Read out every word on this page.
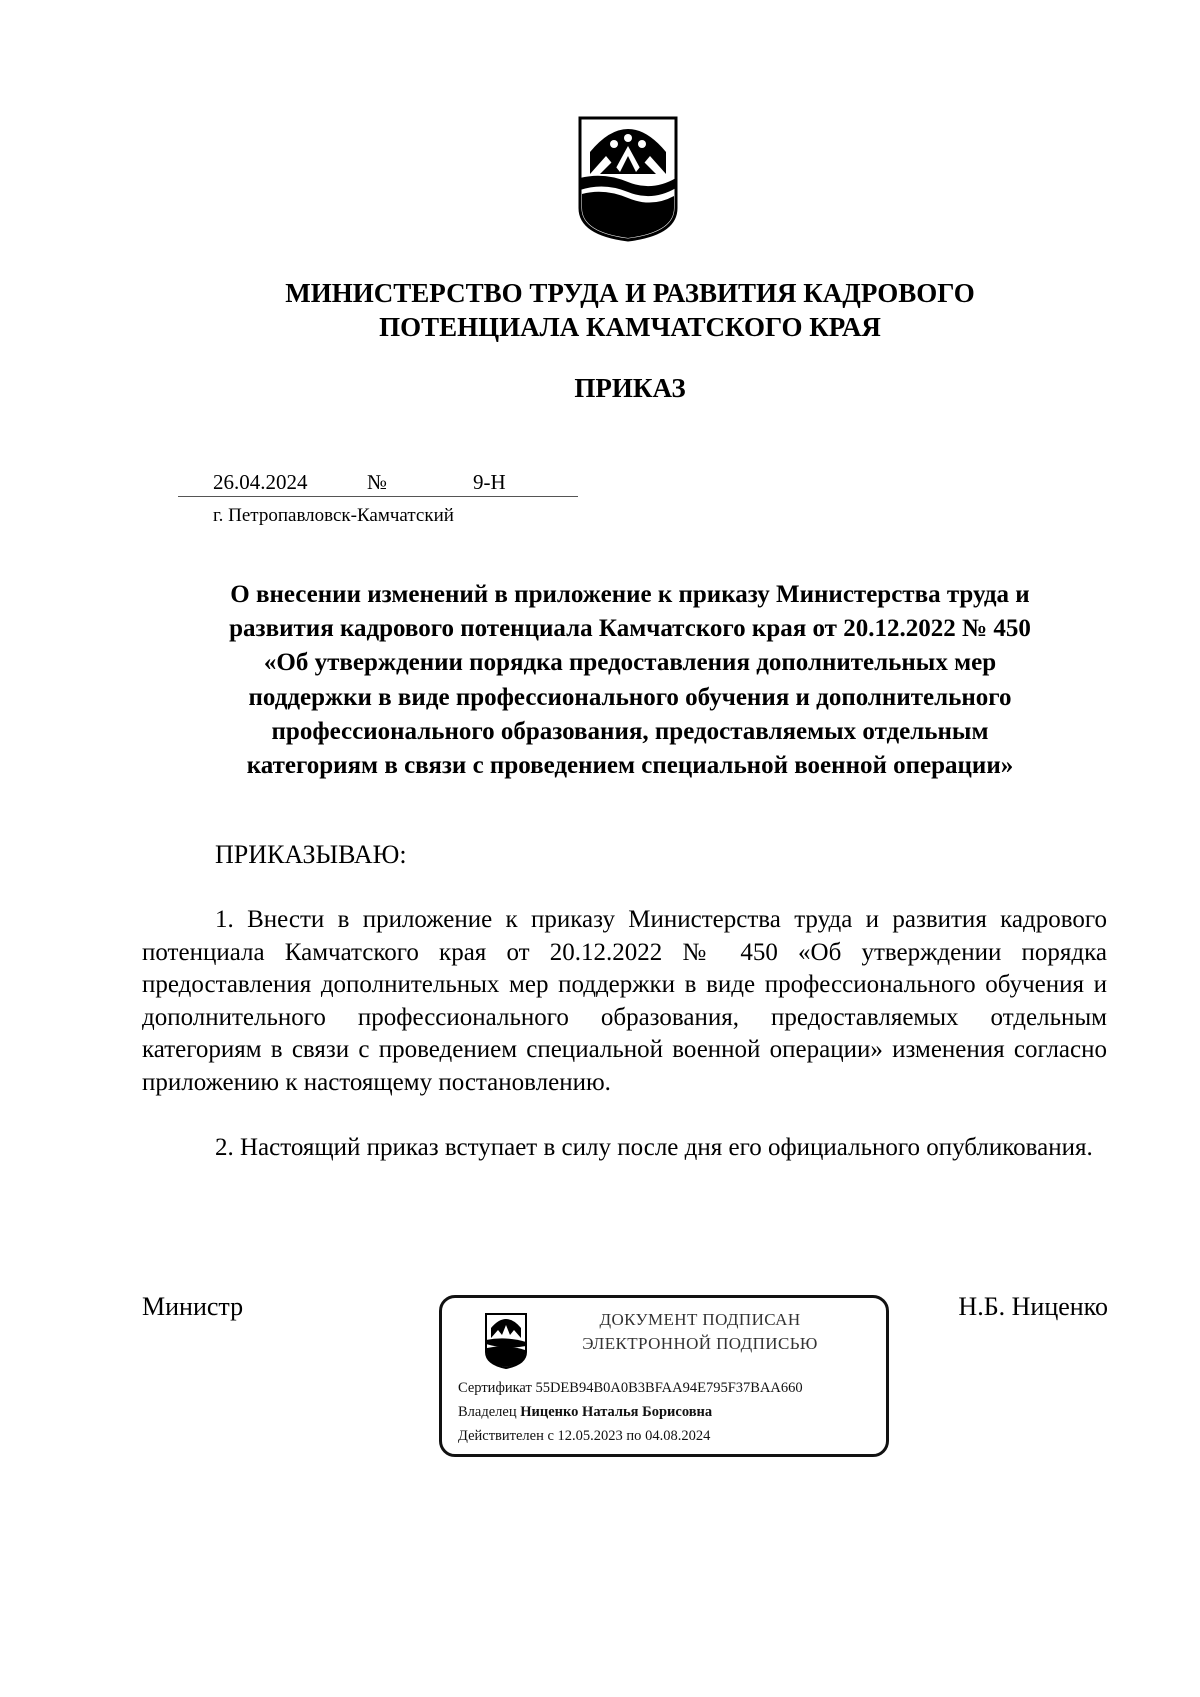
МИНИСТЕРСТВО ТРУДА И РАЗВИТИЯ КАДРОВОГО
ПОТЕНЦИАЛА КАМЧАТСКОГО КРАЯ
ПРИКАЗ
26.04.2024	№	9-Н
г. Петропавловск-Камчатский
О внесении изменений в приложение к приказу Министерства труда и
развития кадрового потенциала Камчатского края от 20.12.2022 № 450
«Об утверждении порядка предоставления дополнительных мер
поддержки в виде профессионального обучения и дополнительного
профессионального образования, предоставляемых отдельным
категориям в связи с проведением специальной военной операции»
ПРИКАЗЫВАЮ:

1. Внести в приложение к приказу Министерства труда и развития кадрового потенциала Камчатского края от 20.12.2022 № 450 «Об утверждении порядка предоставления дополнительных мер поддержки в виде профессионального обучения и дополнительного профессионального образования, предоставляемых отдельным категориям в связи с проведением специальной военной операции» изменения согласно приложению к настоящему постановлению.

2. Настоящий приказ вступает в силу после дня его официального опубликования.

Министр	Н.Б. Ниценко
ДОКУМЕНТ ПОДПИСАН
ЭЛЕКТРОННОЙ ПОДПИСЬЮ
Сертификат 55DEB94B0A0B3BFAA94E795F37BAA660
Владелец Ниценко Наталья Борисовна
Действителен с 12.05.2023 по 04.08.2024
